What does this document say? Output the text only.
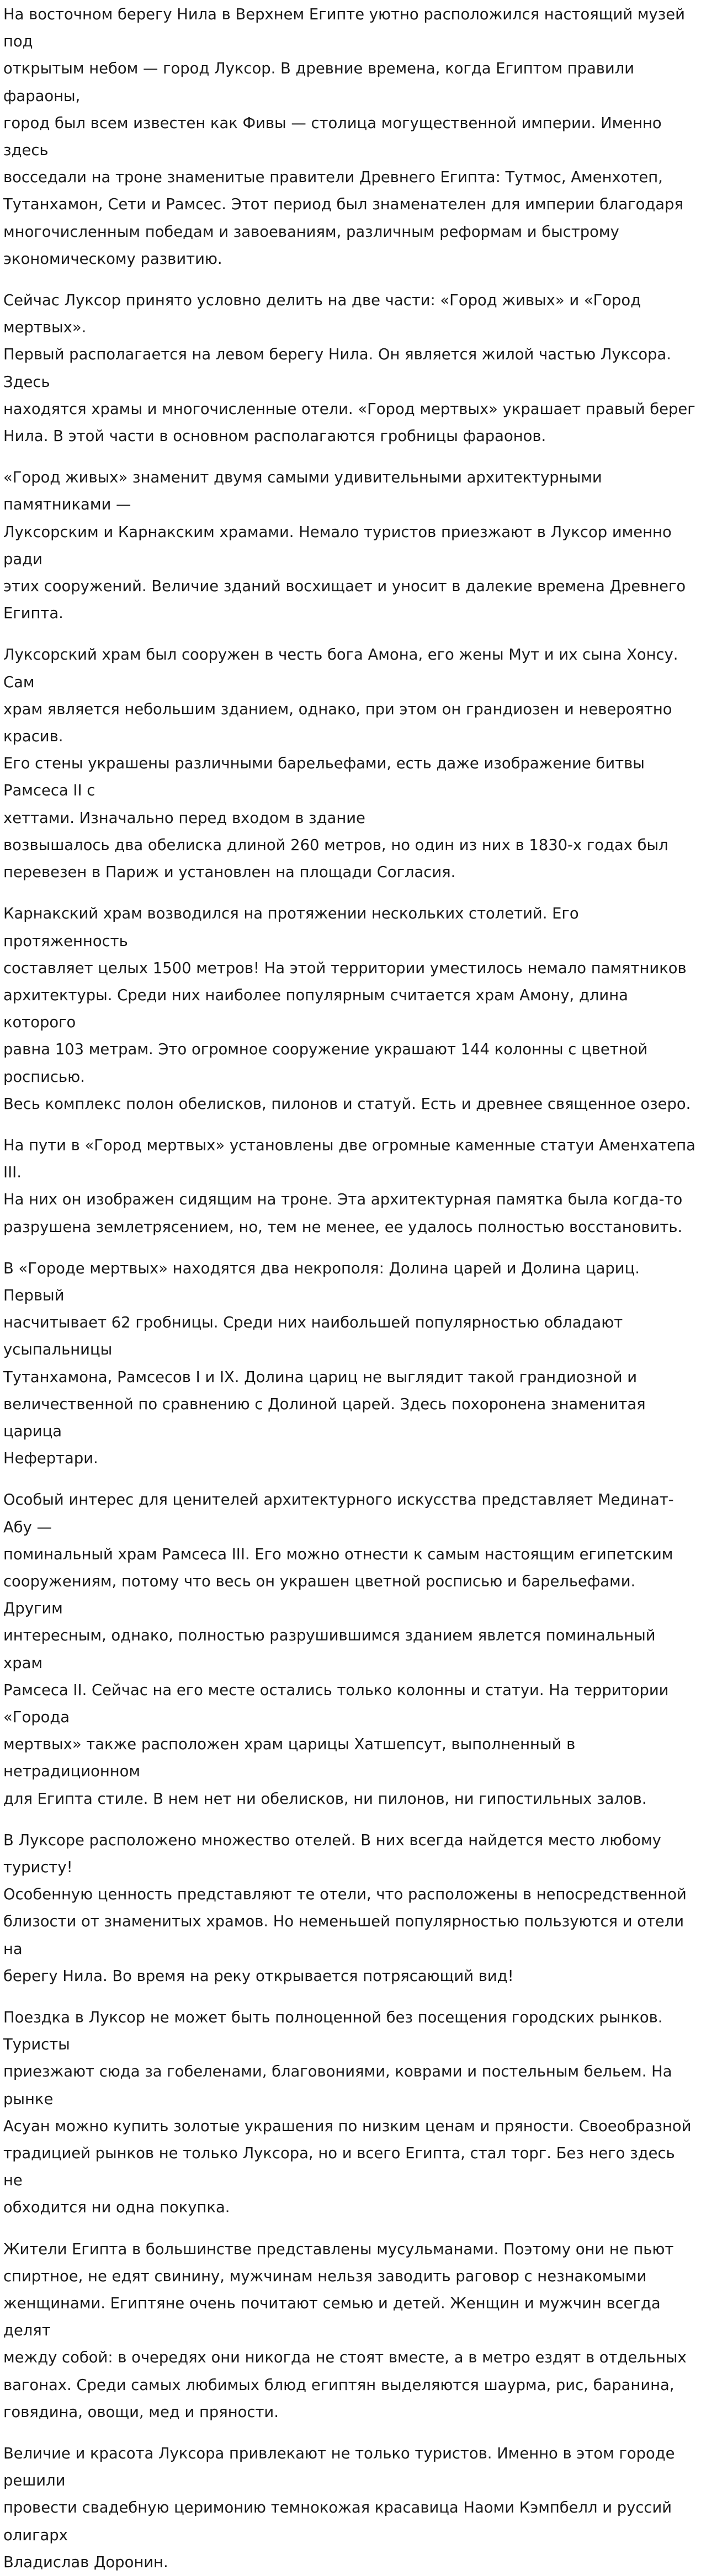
На восточном берегу Нила в Верхнем Египте уютно расположился настоящий музей под
открытым небом — город Луксор. В древние времена, когда Египтом правили фараоны,
город был всем известен как Фивы — столица могущественной империи. Именно здесь
восседали на троне знаменитые правители Древнего Египта: Тутмос, Аменхотеп,
Тутанхамон, Сети и Рамсес. Этот период был знаменателен для империи благодаря
многочисленным победам и завоеваниям, различным реформам и быстрому
экономическому развитию.

Сейчас Луксор принято условно делить на две части: «Город живых» и «Город мертвых».
Первый располагается на левом берегу Нила. Он является жилой частью Луксора. Здесь
находятся храмы и многочисленные отели. «Город мертвых» украшает правый берег
Нила. В этой части в основном располагаются гробницы фараонов.

«Город живых» знаменит двумя самыми удивительными архитектурными памятниками —
Луксорским и Карнакским храмами. Немало туристов приезжают в Луксор именно ради
этих сооружений. Величие зданий восхищает и уносит в далекие времена Древнего
Египта.

Луксорский храм был сооружен в честь бога Амона, его жены Мут и их сына Хонсу. Сам
храм является небольшим зданием, однако, при этом он грандиозен и невероятно красив.
Его стены украшены различными барельефами, есть даже изображение битвы Рамсеса II с
хеттами. Изначально перед входом в здание
возвышалось два обелиска длиной 260 метров, но один из них в 1830-х годах был
перевезен в Париж и установлен на площади Согласия.

Карнакский храм возводился на протяжении нескольких столетий. Его протяженность
составляет целых 1500 метров! На этой территории уместилось немало памятников
архитектуры. Среди них наиболее популярным считается храм Амону, длина которого
равна 103 метрам. Это огромное сооружение украшают 144 колонны с цветной росписью.
Весь комплекс полон обелисков, пилонов и статуй. Есть и древнее священное озеро.

На пути в «Город мертвых» установлены две огромные каменные статуи Аменхатепа III.
На них он изображен сидящим на троне. Эта архитектурная памятка была когда-то
разрушена землетрясением, но, тем не менее, ее удалось полностью восстановить.

В «Городе мертвых» находятся два некрополя: Долина царей и Долина цариц. Первый
насчитывает 62 гробницы. Среди них наибольшей популярностью обладают усыпальницы
Тутанхамона, Рамсесов I и IX. Долина цариц не выглядит такой грандиозной и
величественной по сравнению с Долиной царей. Здесь похоронена знаменитая царица
Нефертари.

Особый интерес для ценителей архитектурного искусства представляет Мединат-Абу —
поминальный храм Рамсеса III. Его можно отнести к самым настоящим египетским
сооружениям, потому что весь он украшен цветной росписью и барельефами. Другим
интересным, однако, полностью разрушившимся зданием явлется поминальный храм
Рамсеса II. Сейчас на его месте остались только колонны и статуи. На территории «Города
мертвых» также расположен храм царицы Хатшепсут, выполненный в нетрадиционном
для Египта стиле. В нем нет ни обелисков, ни пилонов, ни гипостильных залов.

В Луксоре расположено множество отелей. В них всегда найдется место любому туристу!
Особенную ценность представляют те отели, что расположены в непосредственной
близости от знаменитых храмов. Но неменьшей популярностью пользуются и отели на
берегу Нила. Во время на реку открывается потрясающий вид!

Поездка в Луксор не может быть полноценной без посещения городских рынков. Туристы
приезжают сюда за гобеленами, благовониями, коврами и постельным бельем. На рынке
Асуан можно купить золотые украшения по низким ценам и пряности. Своеобразной
традицией рынков не только Луксора, но и всего Египта, стал торг. Без него здесь не
обходится ни одна покупка.

Жители Египта в большинстве представлены мусульманами. Поэтому они не пьют
спиртное, не едят свинину, мужчинам нельзя заводить раговор с незнакомыми
женщинами. Египтяне очень почитают семью и детей. Женщин и мужчин всегда делят
между собой: в очередях они никогда не стоят вместе, а в метро ездят в отдельных
вагонах. Среди самых любимых блюд египтян выделяются шаурма, рис, баранина,
говядина, овощи, мед и пряности.

Величие и красота Луксора привлекают не только туристов. Именно в этом городе решили
провести свадебную церимонию темнокожая красавица Наоми Кэмпбелл и руссий олигарх
Владислав Доронин.
